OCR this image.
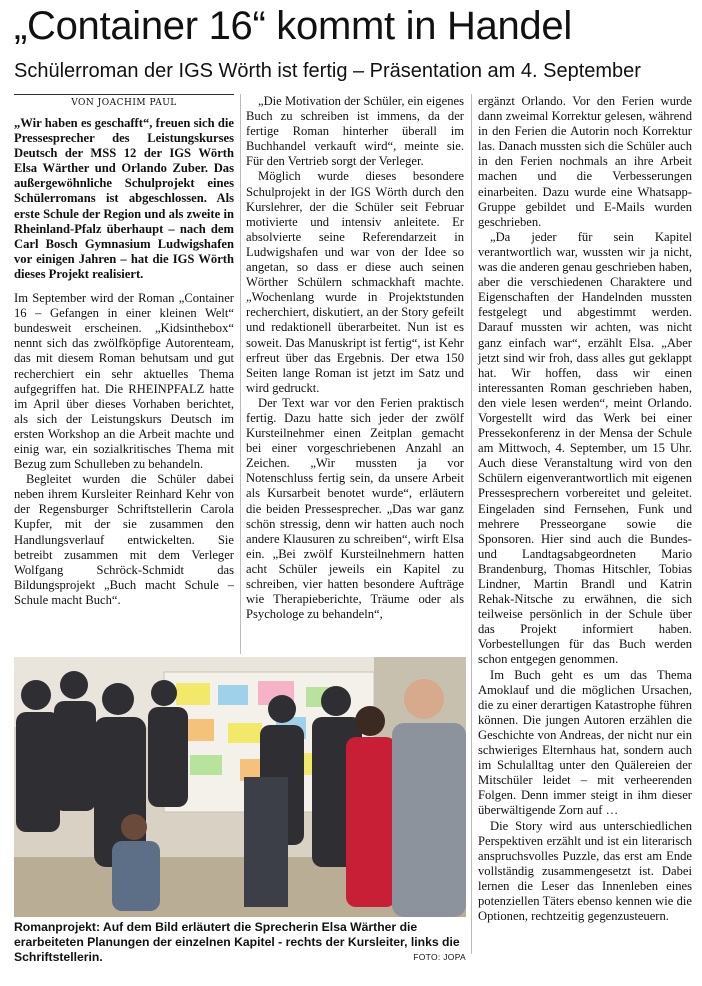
„Container 16“ kommt in Handel
Schülerroman der IGS Wörth ist fertig – Präsentation am 4. September
VON JOACHIM PAUL

„Wir haben es geschafft“, freuen sich die Pressesprecher des Leistungskurses Deutsch der MSS 12 der IGS Wörth Elsa Wärther und Orlando Zuber. Das außergewöhnliche Schulprojekt eines Schülerromans ist abgeschlossen. Als erste Schule der Region und als zweite in Rheinland-Pfalz überhaupt – nach dem Carl Bosch Gymnasium Ludwigshafen vor einigen Jahren – hat die IGS Wörth dieses Projekt realisiert.

Im September wird der Roman „Container 16 – Gefangen in einer kleinen Welt“ bundesweit erscheinen. „Kidsinthebox“ nennt sich das zwölfköpfige Autorenteam, das mit diesem Roman behutsam und gut recherchiert ein sehr aktuelles Thema aufgegriffen hat. Die RHEINPFALZ hatte im April über dieses Vorhaben berichtet, als sich der Leistungskurs Deutsch im ersten Workshop an die Arbeit machte und einig war, ein sozialkritisches Thema mit Bezug zum Schulleben zu behandeln.

Begleitet wurden die Schüler dabei neben ihrem Kursleiter Reinhard Kehr von der Regensburger Schriftstellerin Carola Kupfer, mit der sie zusammen den Handlungsverlauf entwickelten. Sie betreibt zusammen mit dem Verleger Wolfgang Schröck-Schmidt das Bildungsprojekt „Buch macht Schule – Schule macht Buch“.

„Die Motivation der Schüler, ein eigenes Buch zu schreiben ist immens, da der fertige Roman hinterher überall im Buchhandel verkauft wird“, meinte sie. Für den Vertrieb sorgt der Verleger.

Möglich wurde dieses besondere Schulprojekt in der IGS Wörth durch den Kurslehrer, der die Schüler seit Februar motivierte und intensiv anleitete. Er absolvierte seine Referendarzeit in Ludwigshafen und war von der Idee so angetan, so dass er diese auch seinen Wörther Schülern schmackhaft machte. „Wochenlang wurde in Projektstunden recherchiert, diskutiert, an der Story gefeilt und redaktionell überarbeitet. Nun ist es soweit. Das Manuskript ist fertig“, ist Kehr erfreut über das Ergebnis. Der etwa 150 Seiten lange Roman ist jetzt im Satz und wird gedruckt.

Der Text war vor den Ferien praktisch fertig. Dazu hatte sich jeder der zwölf Kursteilnehmer einen Zeitplan gemacht bei einer vorgeschriebenen Anzahl an Zeichen. „Wir mussten ja vor Notenschluss fertig sein, da unsere Arbeit als Kursarbeit benotet wurde“, erläutern die beiden Pressesprecher. „Das war ganz schön stressig, denn wir hatten auch noch andere Klausuren zu schreiben“, wirft Elsa ein. „Bei zwölf Kursteilnehmern hatten acht Schüler jeweils ein Kapitel zu schreiben, vier hatten besondere Aufträge wie Therapieberichte, Träume oder als Psychologe zu behandeln“,

ergänzt Orlando. Vor den Ferien wurde dann zweimal Korrektur gelesen, während in den Ferien die Autorin noch Korrektur las. Danach mussten sich die Schüler auch in den Ferien nochmals an ihre Arbeit machen und die Verbesserungen einarbeiten. Dazu wurde eine Whatsapp-Gruppe gebildet und E-Mails wurden geschrieben.

„Da jeder für sein Kapitel verantwortlich war, wussten wir ja nicht, was die anderen genau geschrieben haben, aber die verschiedenen Charaktere und Eigenschaften der Handelnden mussten festgelegt und abgestimmt werden. Darauf mussten wir achten, was nicht ganz einfach war“, erzählt Elsa. „Aber jetzt sind wir froh, dass alles gut geklappt hat. Wir hoffen, dass wir einen interessanten Roman geschrieben haben, den viele lesen werden“, meint Orlando. Vorgestellt wird das Werk bei einer Pressekonferenz in der Mensa der Schule am Mittwoch, 4. September, um 15 Uhr. Auch diese Veranstaltung wird von den Schülern eigenverantwortlich mit eigenen Pressesprechern vorbereitet und geleitet. Eingeladen sind Fernsehen, Funk und mehrere Presseorgane sowie die Sponsoren. Hier sind auch die Bundes- und Landtagsabgeordneten Mario Brandenburg, Thomas Hitschler, Tobias Lindner, Martin Brandl und Katrin Rehak-Nitsche zu erwähnen, die sich teilweise persönlich in der Schule über das Projekt informiert haben. Vorbestellungen für das Buch werden schon entgegen genommen.

Im Buch geht es um das Thema Amoklauf und die möglichen Ursachen, die zu einer derartigen Katastrophe führen können. Die jungen Autoren erzählen die Geschichte von Andreas, der nicht nur ein schwieriges Elternhaus hat, sondern auch im Schulalltag unter den Quälereien der Mitschüler leidet – mit verheerenden Folgen. Denn immer steigt in ihm dieser überwältigende Zorn auf …

Die Story wird aus unterschiedlichen Perspektiven erzählt und ist ein literarisch anspruchsvolles Puzzle, das erst am Ende vollständig zusammengesetzt ist. Dabei lernen die Leser das Innenleben eines potenziellen Täters ebenso kennen wie die Optionen, rechtzeitig gegenzusteuern.

Romanprojekt: Auf dem Bild erläutert die Sprecherin Elsa Wärther die erarbeiteten Planungen der einzelnen Kapitel - rechts der Kursleiter, links die Schriftstellerin.	FOTO: JOPA
